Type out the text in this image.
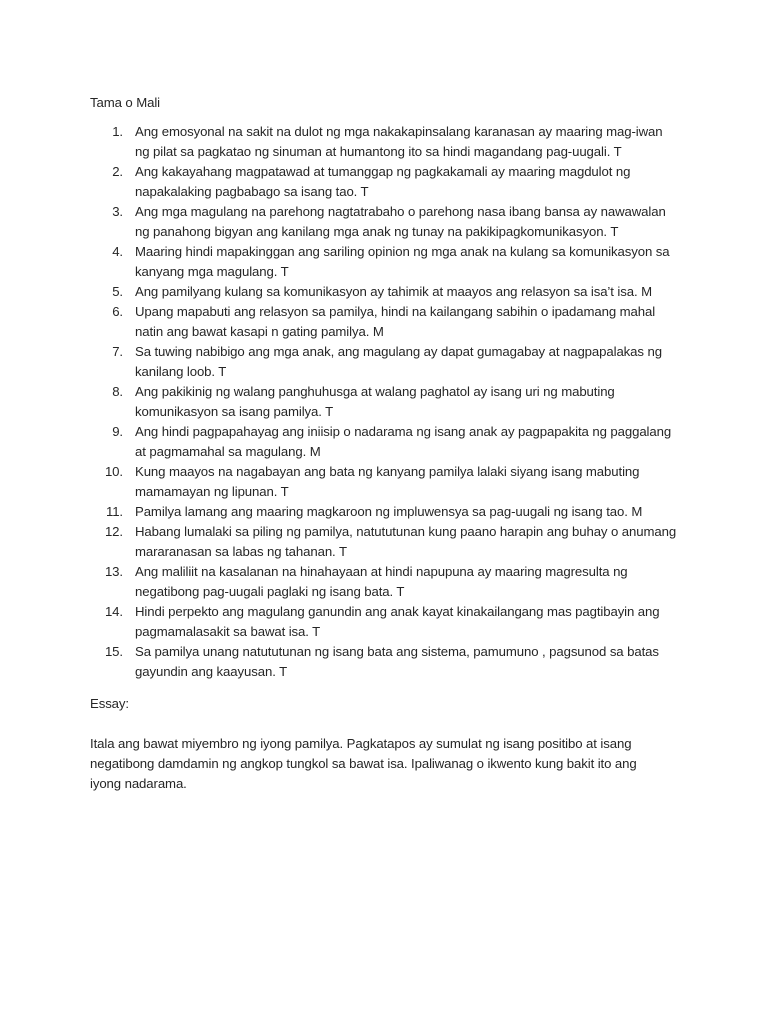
Tama o Mali
1. Ang emosyonal na sakit na dulot ng mga nakakapinsalang karanasan ay maaring mag-iwan ng pilat sa pagkatao ng sinuman at humantong ito sa hindi magandang pag-uugali. T
2. Ang kakayahang magpatawad at tumanggap ng pagkakamali ay maaring magdulot ng napakalaking pagbabago sa isang tao. T
3. Ang mga magulang na parehong nagtatrabaho o parehong nasa ibang bansa ay nawawalan ng panahong bigyan ang kanilang mga anak ng tunay na pakikipagkomunikasyon. T
4. Maaring hindi mapakinggan ang sariling opinion ng mga anak na kulang sa komunikasyon sa kanyang mga magulang. T
5. Ang pamilyang kulang sa komunikasyon ay tahimik at maayos ang relasyon sa isa’t isa. M
6. Upang mapabuti ang relasyon sa pamilya, hindi na kailangang sabihin o ipadamang mahal natin ang bawat kasapi n gating pamilya. M
7. Sa tuwing nabibigo ang mga anak, ang magulang ay dapat gumagabay at nagpapalakas ng kanilang loob. T
8. Ang pakikinig ng walang panghuhusga at walang paghatol ay isang uri ng mabuting komunikasyon sa isang pamilya. T
9. Ang hindi pagpapahayag ang iniisip o nadarama ng isang anak ay pagpapakita ng paggalang at pagmamahal sa magulang. M
10. Kung maayos na nagabayan ang bata ng kanyang pamilya lalaki siyang isang mabuting mamamayan ng lipunan. T
11. Pamilya lamang ang maaring magkaroon ng impluwensya sa pag-uugali ng isang tao. M
12. Habang lumalaki sa piling ng pamilya, natututunan kung paano harapin ang buhay o anumang mararanasan sa labas ng tahanan. T
13. Ang maliliit na kasalanan na hinahayaan at hindi napupuna ay maaring magresulta ng negatibong pag-uugali paglaki ng isang bata. T
14. Hindi perpekto ang magulang ganundin ang anak kayat kinakailangang mas pagtibayin ang pagmamalasakit sa bawat isa. T
15. Sa pamilya unang natututunan ng isang bata ang sistema, pamumuno , pagsunod sa batas gayundin ang kaayusan. T
Essay:
Itala ang bawat miyembro ng iyong pamilya. Pagkatapos ay sumulat ng isang positibo at isang negatibong damdamin ng angkop tungkol sa bawat isa. Ipaliwanag o ikwento kung bakit ito ang iyong nadarama.
